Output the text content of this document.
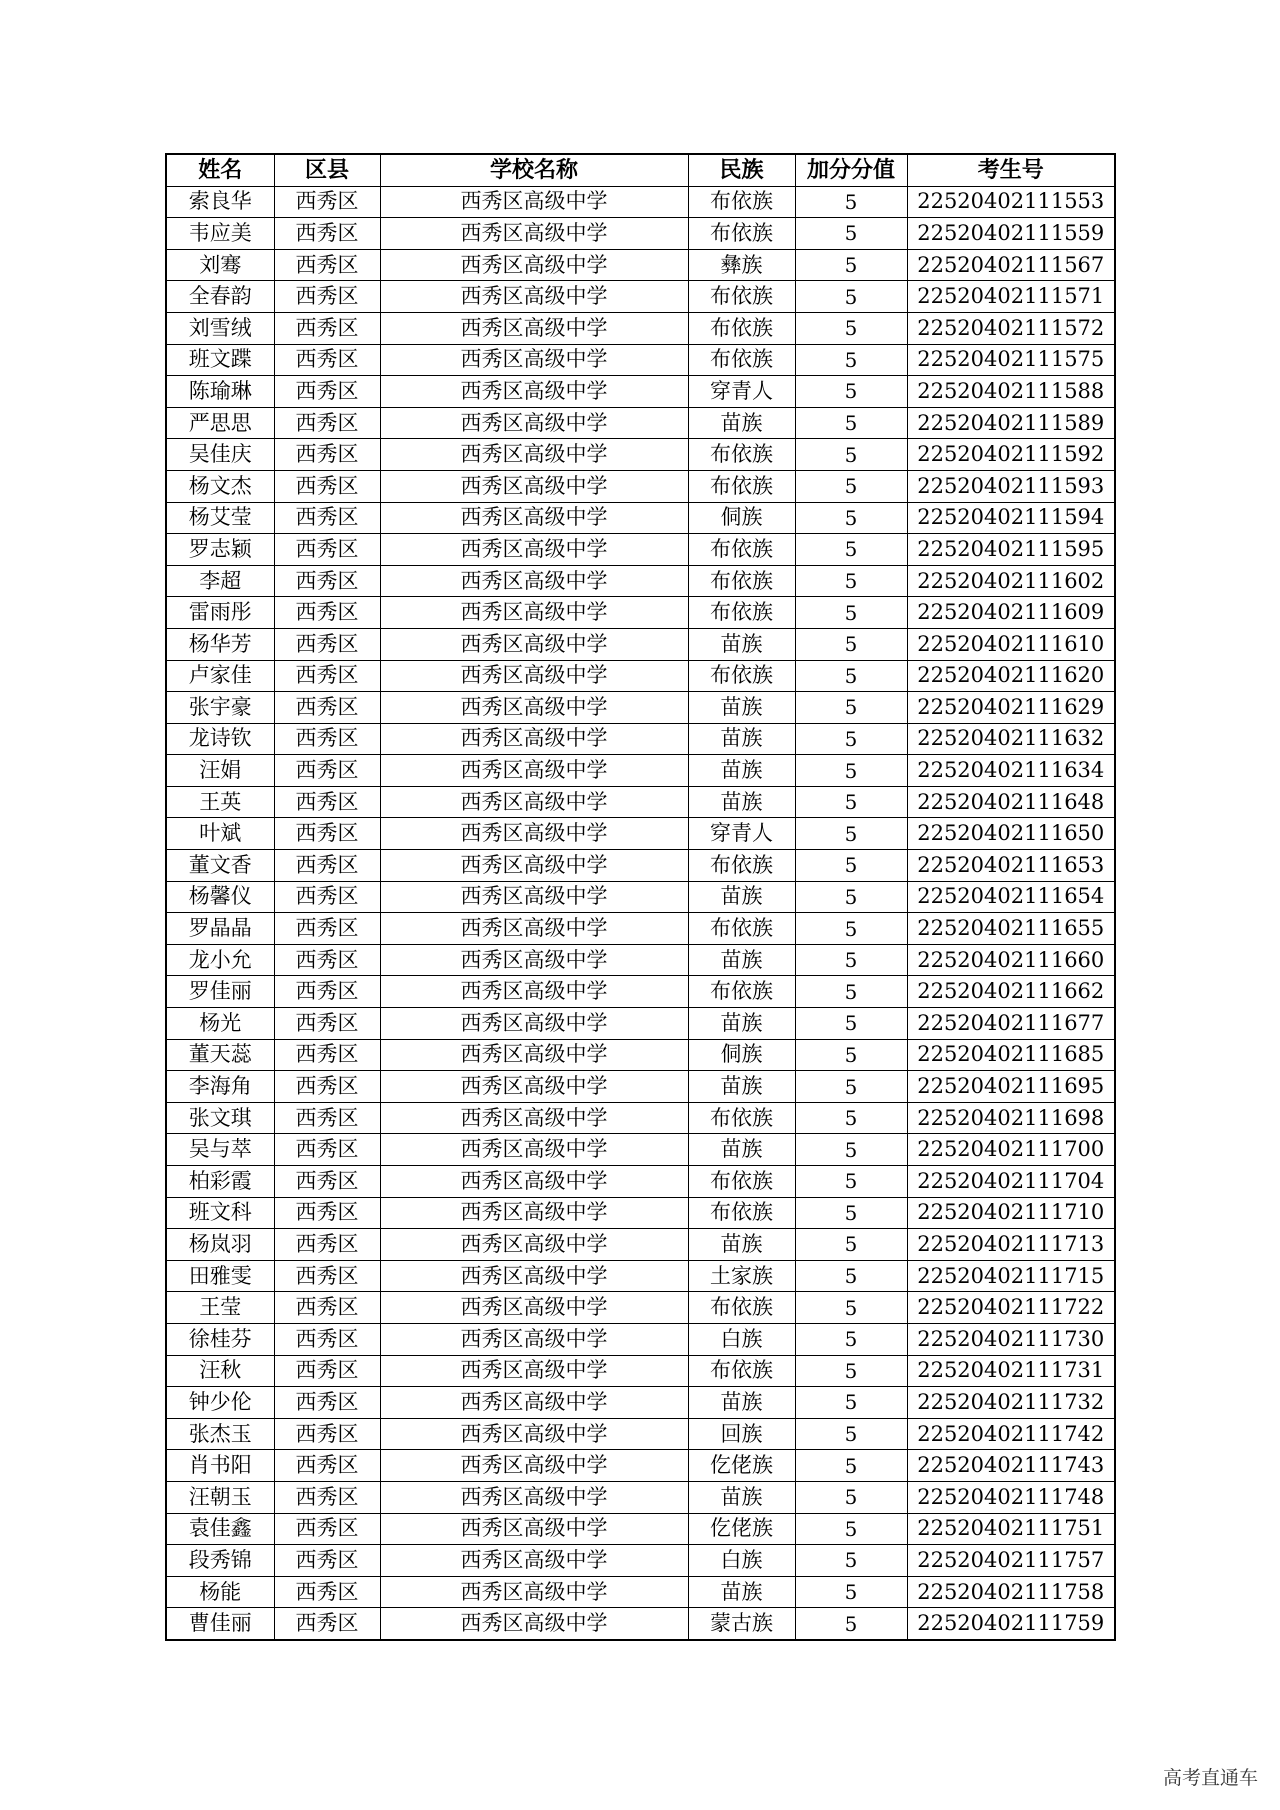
姓名	区县	学校名称	民族	加分分值	考生号
索良华	西秀区	西秀区高级中学	布依族	5	22520402111553
韦应美	西秀区	西秀区高级中学	布依族	5	22520402111559
刘骞	西秀区	西秀区高级中学	彝族	5	22520402111567
全春韵	西秀区	西秀区高级中学	布依族	5	22520402111571
刘雪绒	西秀区	西秀区高级中学	布依族	5	22520402111572
班文蹀	西秀区	西秀区高级中学	布依族	5	22520402111575
陈瑜琳	西秀区	西秀区高级中学	穿青人	5	22520402111588
严思思	西秀区	西秀区高级中学	苗族	5	22520402111589
吴佳庆	西秀区	西秀区高级中学	布依族	5	22520402111592
杨文杰	西秀区	西秀区高级中学	布依族	5	22520402111593
杨艾莹	西秀区	西秀区高级中学	侗族	5	22520402111594
罗志颖	西秀区	西秀区高级中学	布依族	5	22520402111595
李超	西秀区	西秀区高级中学	布依族	5	22520402111602
雷雨彤	西秀区	西秀区高级中学	布依族	5	22520402111609
杨华芳	西秀区	西秀区高级中学	苗族	5	22520402111610
卢家佳	西秀区	西秀区高级中学	布依族	5	22520402111620
张宇豪	西秀区	西秀区高级中学	苗族	5	22520402111629
龙诗钦	西秀区	西秀区高级中学	苗族	5	22520402111632
汪娟	西秀区	西秀区高级中学	苗族	5	22520402111634
王英	西秀区	西秀区高级中学	苗族	5	22520402111648
叶斌	西秀区	西秀区高级中学	穿青人	5	22520402111650
董文香	西秀区	西秀区高级中学	布依族	5	22520402111653
杨馨仪	西秀区	西秀区高级中学	苗族	5	22520402111654
罗晶晶	西秀区	西秀区高级中学	布依族	5	22520402111655
龙小允	西秀区	西秀区高级中学	苗族	5	22520402111660
罗佳丽	西秀区	西秀区高级中学	布依族	5	22520402111662
杨光	西秀区	西秀区高级中学	苗族	5	22520402111677
董天蕊	西秀区	西秀区高级中学	侗族	5	22520402111685
李海角	西秀区	西秀区高级中学	苗族	5	22520402111695
张文琪	西秀区	西秀区高级中学	布依族	5	22520402111698
吴与萃	西秀区	西秀区高级中学	苗族	5	22520402111700
柏彩霞	西秀区	西秀区高级中学	布依族	5	22520402111704
班文科	西秀区	西秀区高级中学	布依族	5	22520402111710
杨岚羽	西秀区	西秀区高级中学	苗族	5	22520402111713
田雅雯	西秀区	西秀区高级中学	土家族	5	22520402111715
王莹	西秀区	西秀区高级中学	布依族	5	22520402111722
徐桂芬	西秀区	西秀区高级中学	白族	5	22520402111730
汪秋	西秀区	西秀区高级中学	布依族	5	22520402111731
钟少伦	西秀区	西秀区高级中学	苗族	5	22520402111732
张杰玉	西秀区	西秀区高级中学	回族	5	22520402111742
肖书阳	西秀区	西秀区高级中学	仡佬族	5	22520402111743
汪朝玉	西秀区	西秀区高级中学	苗族	5	22520402111748
袁佳鑫	西秀区	西秀区高级中学	仡佬族	5	22520402111751
段秀锦	西秀区	西秀区高级中学	白族	5	22520402111757
杨能	西秀区	西秀区高级中学	苗族	5	22520402111758
曹佳丽	西秀区	西秀区高级中学	蒙古族	5	22520402111759
高考直通车
